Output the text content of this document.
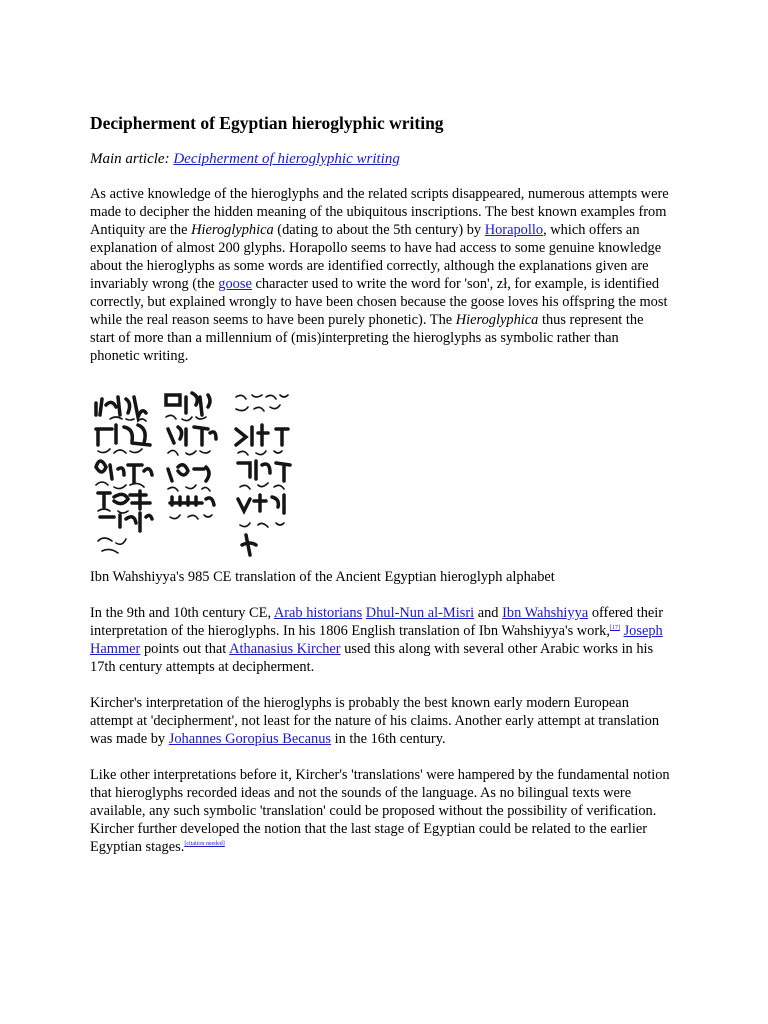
Decipherment of Egyptian hieroglyphic writing

Main article: Decipherment of hieroglyphic writing

As active knowledge of the hieroglyphs and the related scripts disappeared, numerous attempts were made to decipher the hidden meaning of the ubiquitous inscriptions. The best known examples from Antiquity are the Hieroglyphica (dating to about the 5th century) by Horapollo, which offers an explanation of almost 200 glyphs. Horapollo seems to have had access to some genuine knowledge about the hieroglyphs as some words are identified correctly, although the explanations given are invariably wrong (the goose character used to write the word for 'son', zł, for example, is identified correctly, but explained wrongly to have been chosen because the goose loves his offspring the most while the real reason seems to have been purely phonetic). The Hieroglyphica thus represent the start of more than a millennium of (mis)interpreting the hieroglyphs as symbolic rather than phonetic writing.

Ibn Wahshiyya's 985 CE translation of the Ancient Egyptian hieroglyph alphabet

In the 9th and 10th century CE, Arab historians Dhul-Nun al-Misri and Ibn Wahshiyya offered their interpretation of the hieroglyphs. In his 1806 English translation of Ibn Wahshiyya's work,[17] Joseph Hammer points out that Athanasius Kircher used this along with several other Arabic works in his 17th century attempts at decipherment.

Kircher's interpretation of the hieroglyphs is probably the best known early modern European attempt at 'decipherment', not least for the nature of his claims. Another early attempt at translation was made by Johannes Goropius Becanus in the 16th century.

Like other interpretations before it, Kircher's 'translations' were hampered by the fundamental notion that hieroglyphs recorded ideas and not the sounds of the language. As no bilingual texts were available, any such symbolic 'translation' could be proposed without the possibility of verification. Kircher further developed the notion that the last stage of Egyptian could be related to the earlier Egyptian stages.[citation needed]
